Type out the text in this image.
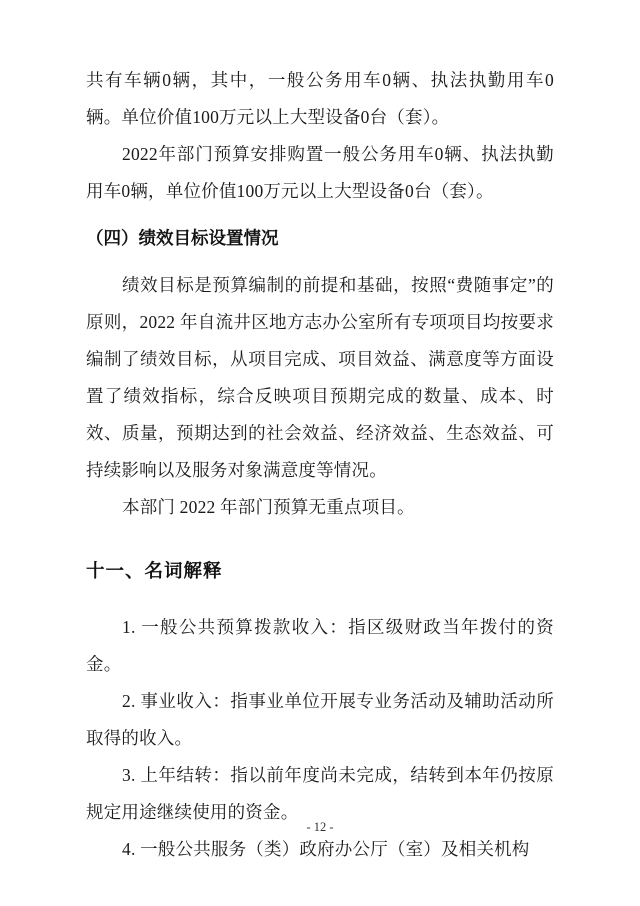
共有车辆0辆，其中，一般公务用车0辆、执法执勤用车0辆。单位价值100万元以上大型设备0台（套）。

2022年部门预算安排购置一般公务用车0辆、执法执勤用车0辆，单位价值100万元以上大型设备0台（套）。

（四）绩效目标设置情况

绩效目标是预算编制的前提和基础，按照“费随事定”的原则，2022 年自流井区地方志办公室所有专项项目均按要求编制了绩效目标，从项目完成、项目效益、满意度等方面设置了绩效指标，综合反映项目预期完成的数量、成本、时效、质量，预期达到的社会效益、经济效益、生态效益、可持续影响以及服务对象满意度等情况。

本部门 2022 年部门预算无重点项目。

十一、名词解释

1. 一般公共预算拨款收入：指区级财政当年拨付的资金。

2. 事业收入：指事业单位开展专业务活动及辅助活动所取得的收入。

3. 上年结转：指以前年度尚未完成，结转到本年仍按原规定用途继续使用的资金。

4. 一般公共服务（类）政府办公厅（室）及相关机构

- 12 -
